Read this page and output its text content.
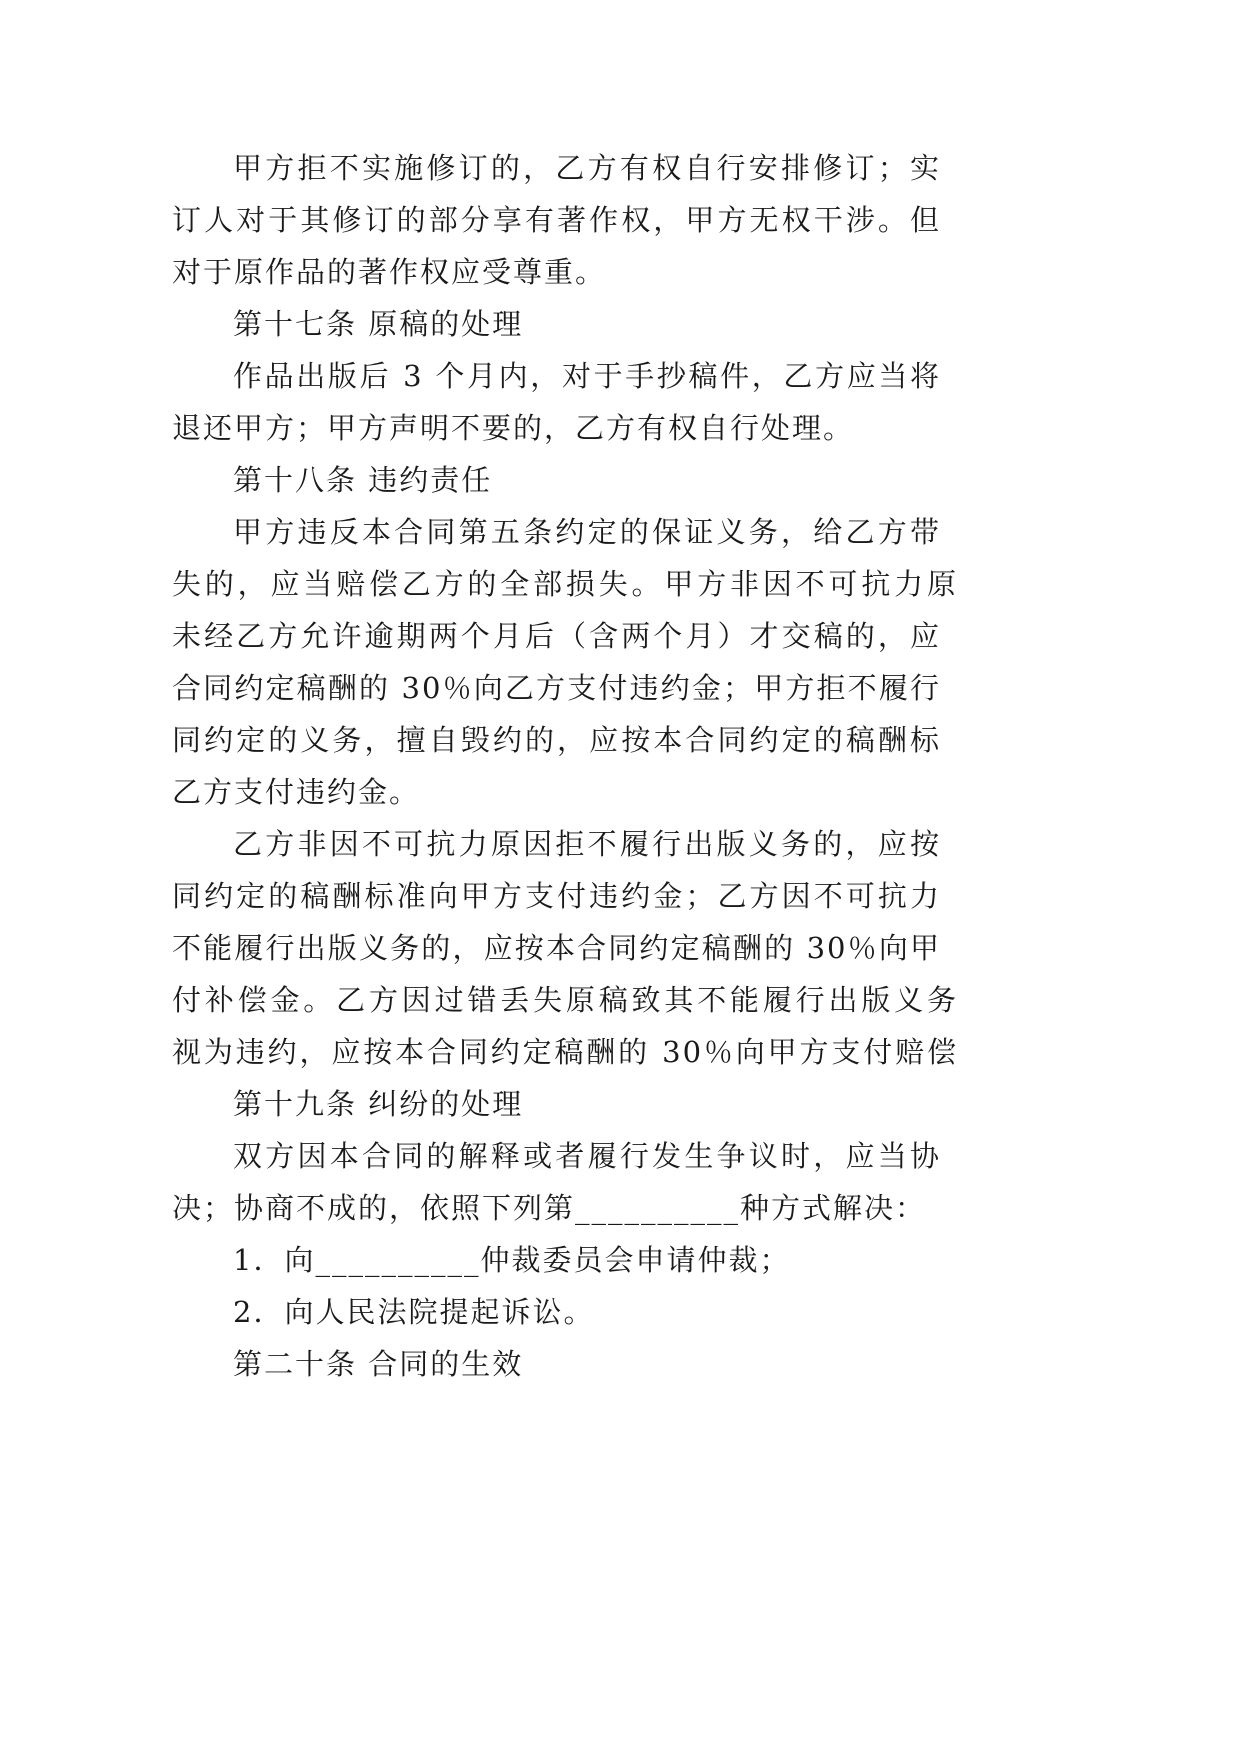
甲方拒不实施修订的，乙方有权自行安排修订；实
订人对于其修订的部分享有著作权，甲方无权干涉。但
对于原作品的著作权应受尊重。
第十七条 原稿的处理
作品出版后 3 个月内，对于手抄稿件，乙方应当将
退还甲方；甲方声明不要的，乙方有权自行处理。
第十八条 违约责任
甲方违反本合同第五条约定的保证义务，给乙方带
失的，应当赔偿乙方的全部损失。甲方非因不可抗力原
未经乙方允许逾期两个月后（含两个月）才交稿的，应
合同约定稿酬的 30％向乙方支付违约金；甲方拒不履行
同约定的义务，擅自毁约的，应按本合同约定的稿酬标
乙方支付违约金。
乙方非因不可抗力原因拒不履行出版义务的，应按
同约定的稿酬标准向甲方支付违约金；乙方因不可抗力
不能履行出版义务的，应按本合同约定稿酬的 30％向甲
付补偿金。乙方因过错丢失原稿致其不能履行出版义务
视为违约，应按本合同约定稿酬的 30％向甲方支付赔偿
第十九条 纠纷的处理
双方因本合同的解释或者履行发生争议时，应当协
决；协商不成的，依照下列第__________种方式解决：
1．向__________仲裁委员会申请仲裁；
2．向人民法院提起诉讼。
第二十条 合同的生效
